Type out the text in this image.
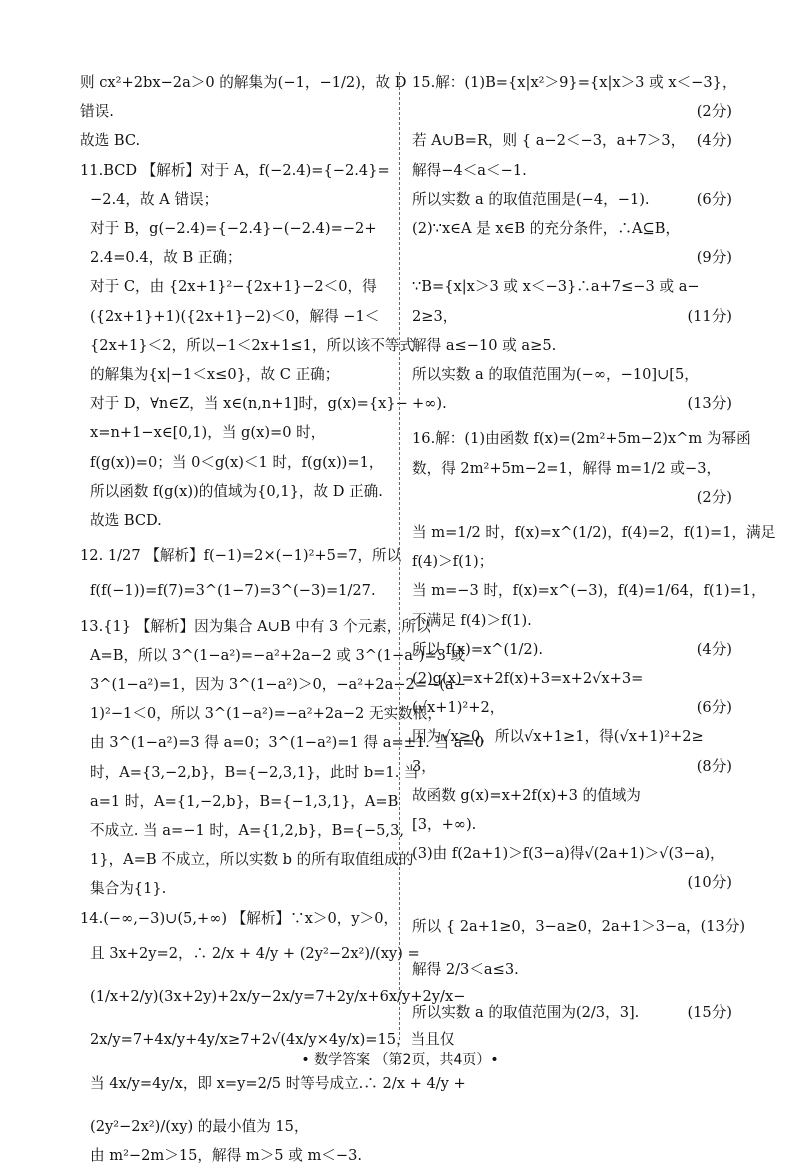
则 cx²+2bx−2a＞0 的解集为(−1，−1/2)，故 D
错误.
故选 BC.
11.BCD 【解析】对于 A，f(−2.4)={−2.4}=
−2.4，故 A 错误；
对于 B，g(−2.4)={−2.4}−(−2.4)=−2+
2.4=0.4，故 B 正确；
对于 C，由 {2x+1}²−{2x+1}−2＜0，得
({2x+1}+1)({2x+1}−2)＜0，解得 −1＜
{2x+1}＜2，所以−1＜2x+1≤1，所以该不等式
的解集为{x|−1＜x≤0}，故 C 正确；
对于 D，∀n∈Z，当 x∈(n,n+1]时，g(x)={x}−
x=n+1−x∈[0,1)，当 g(x)=0 时，
f(g(x))=0；当 0＜g(x)＜1 时，f(g(x))=1，
所以函数 f(g(x))的值域为{0,1}，故 D 正确.
故选 BCD.
12. 1/27 【解析】f(−1)=2×(−1)²+5=7，所以
f(f(−1))=f(7)=3^(1−7)=3^(−3)=1/27.
13.{1} 【解析】因为集合 A∪B 中有 3 个元素，所以
A=B，所以 3^(1−a²)=−a²+2a−2 或 3^(1−a²)=3 或
3^(1−a²)=1，因为 3^(1−a²)＞0，−a²+2a−2=−(a−
1)²−1＜0，所以 3^(1−a²)=−a²+2a−2 无实数根，
由 3^(1−a²)=3 得 a=0；3^(1−a²)=1 得 a=±1. 当 a=0
时，A={3,−2,b}，B={−2,3,1}，此时 b=1. 当
a=1 时，A={1,−2,b}，B={−1,3,1}，A=B
不成立. 当 a=−1 时，A={1,2,b}，B={−5,3,
1}，A=B 不成立，所以实数 b 的所有取值组成的
集合为{1}.
14.(−∞,−3)∪(5,+∞) 【解析】∵x＞0，y＞0，
且 3x+2y=2，∴ 2/x + 4/y + (2y²−2x²)/(xy) =
(1/x+2/y)(3x+2y)+2x/y−2x/y=7+2y/x+6x/y+2y/x−
2x/y=7+4x/y+4y/x≥7+2√(4x/y×4y/x)=15，当且仅
当 4x/y=4y/x，即 x=y=2/5 时等号成立.∴ 2/x + 4/y +
(2y²−2x²)/(xy) 的最小值为 15，
由 m²−2m＞15，解得 m＞5 或 m＜−3.
15.解：(1)B={x|x²＞9}={x|x＞3 或 x＜−3}，
(2分)
若 A∪B=R，则 { a−2＜−3，a+7＞3， (4分)
解得−4＜a＜−1.
所以实数 a 的取值范围是(−4，−1).	(6分)
(2)∵x∈A 是 x∈B 的充分条件，∴A⊆B，
(9分)
∵B={x|x＞3 或 x＜−3}∴a+7≤−3 或 a−
2≥3，	(11分)
解得 a≤−10 或 a≥5.
所以实数 a 的取值范围为(−∞，−10]∪[5，
+∞).	(13分)
16.解：(1)由函数 f(x)=(2m²+5m−2)x^m 为幂函
数，得 2m²+5m−2=1，解得 m=1/2 或−3，
(2分)
当 m=1/2 时，f(x)=x^(1/2)，f(4)=2，f(1)=1，满足
f(4)＞f(1)；
当 m=−3 时，f(x)=x^(−3)，f(4)=1/64，f(1)=1，
不满足 f(4)＞f(1).
所以 f(x)=x^(1/2).	(4分)
(2)g(x)=x+2f(x)+3=x+2√x+3=
(√x+1)²+2，	(6分)
因为√x≥0，所以√x+1≥1，得(√x+1)²+2≥
3，	(8分)
故函数 g(x)=x+2f(x)+3 的值域为
[3，+∞).
(3)由 f(2a+1)＞f(3−a)得√(2a+1)＞√(3−a)，
(10分)
所以 { 2a+1≥0，3−a≥0，2a+1＞3−a， (13分)
解得 2/3＜a≤3.
所以实数 a 的取值范围为(2/3，3].	(15分)
• 数学答案 （第2页，共4页）•
